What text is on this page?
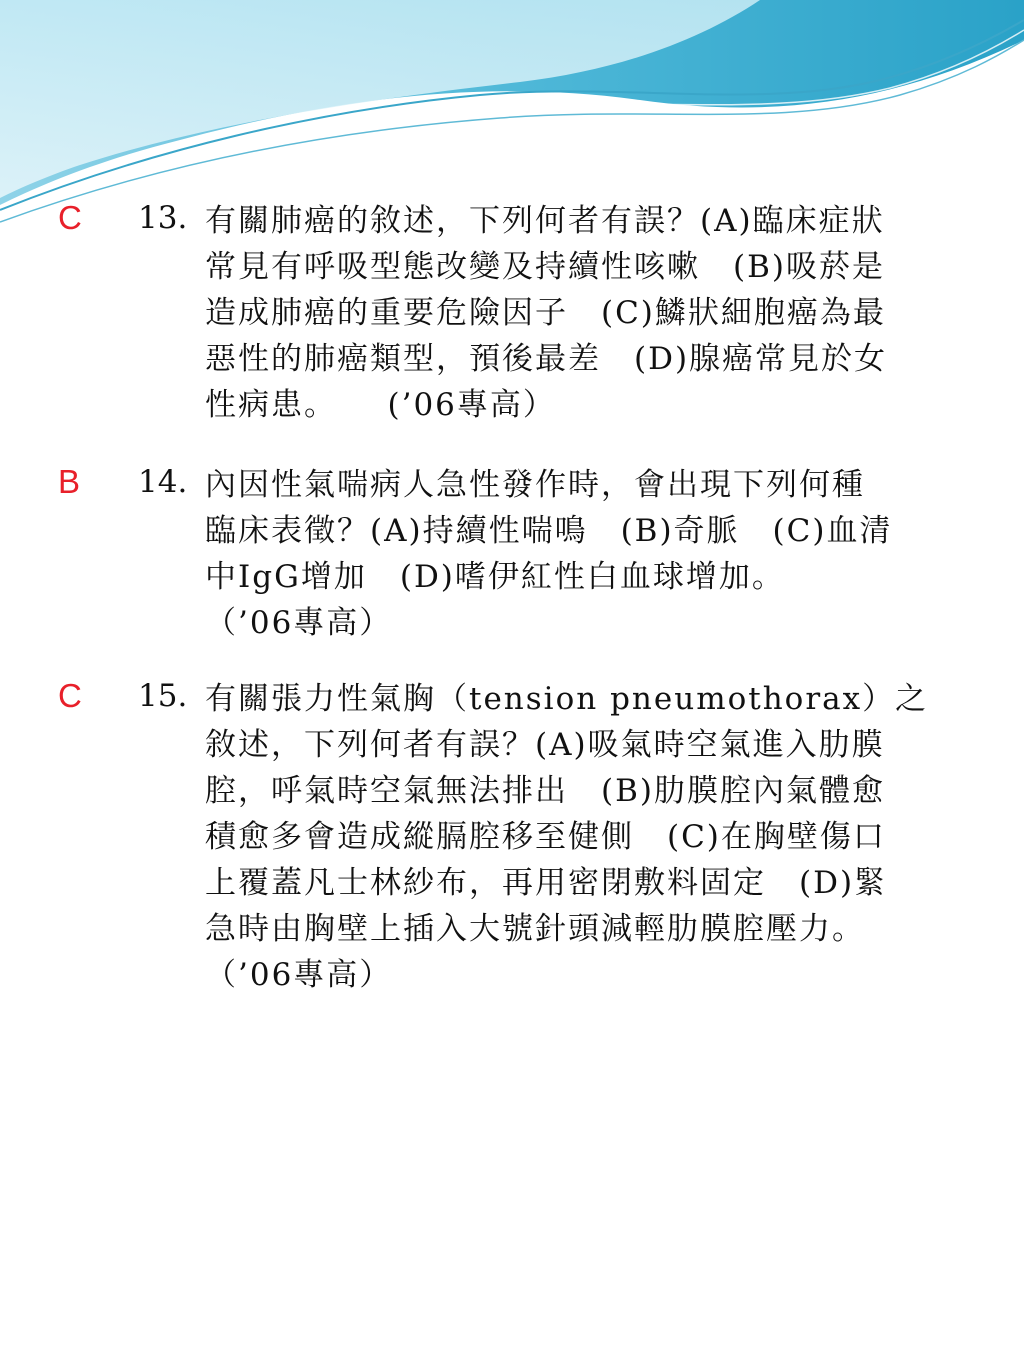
C 13. 有關肺癌的敘述，下列何者有誤？(A)臨床症狀
常見有呼吸型態改變及持續性咳嗽　(B)吸菸是
造成肺癌的重要危險因子　(C)鱗狀細胞癌為最
惡性的肺癌類型，預後最差　(D)腺癌常見於女
性病患。　　(’06專高）
B 14. 內因性氣喘病人急性發作時，會出現下列何種
臨床表徵？(A)持續性喘鳴　(B)奇脈　(C)血清
中IgG增加　(D)嗜伊紅性白血球增加。
（’06專高）
C 15. 有關張力性氣胸（tension pneumothorax）之
敘述，下列何者有誤？(A)吸氣時空氣進入肋膜
腔，呼氣時空氣無法排出　(B)肋膜腔內氣體愈
積愈多會造成縱膈腔移至健側　(C)在胸壁傷口
上覆蓋凡士林紗布，再用密閉敷料固定　(D)緊
急時由胸壁上插入大號針頭減輕肋膜腔壓力。
（’06專高）
